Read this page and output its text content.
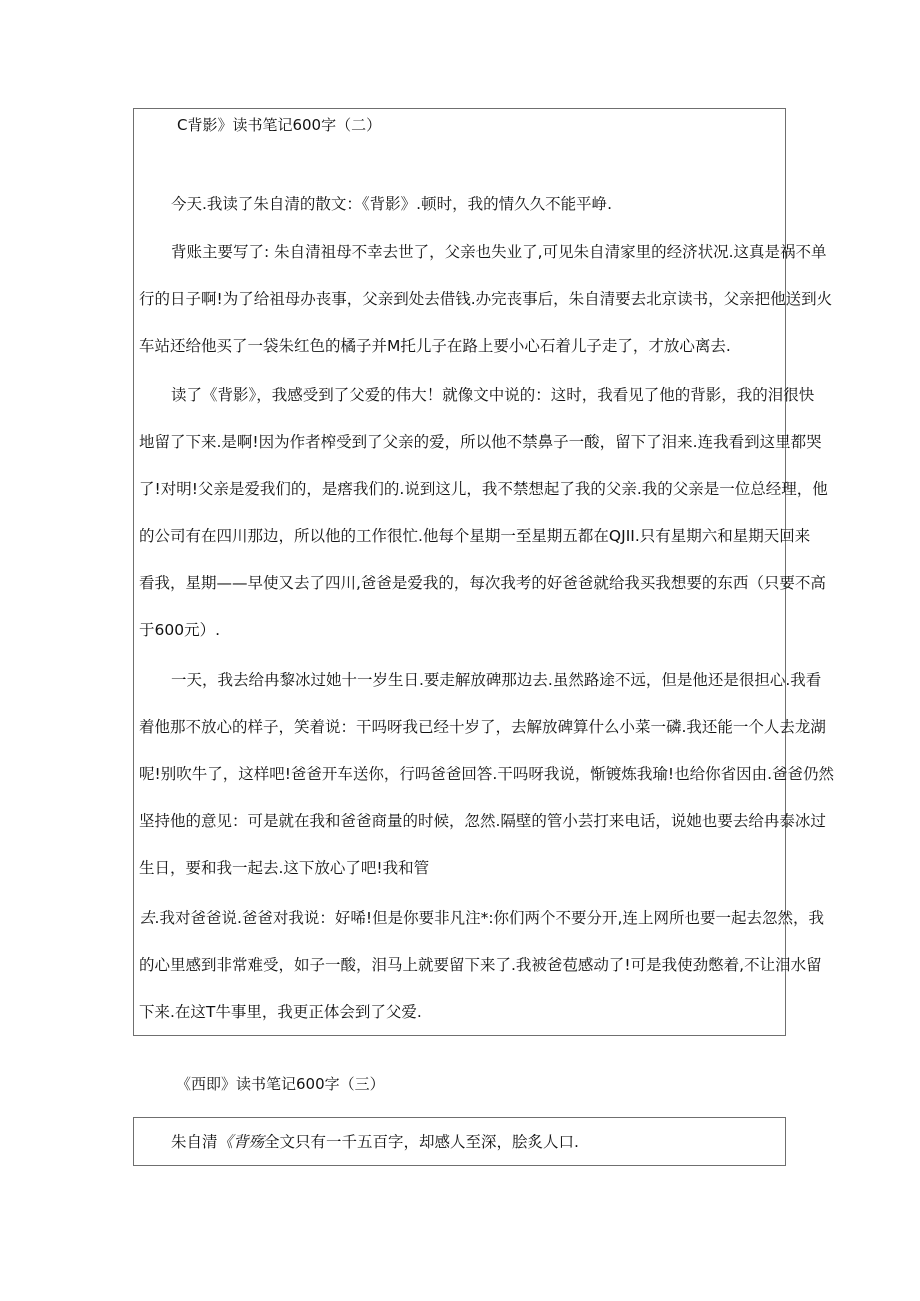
C背影》读书笔记600字（二）
今天.我读了朱自清的散文：《背影》.顿时，我的情久久不能平峥.
背账主要写了: 朱自清祖母不幸去世了，父亲也失业了,可见朱自清家里的经济状况.这真是祸不单
行的日子啊!为了给祖母办丧事，父亲到处去借钱.办完丧事后，朱自清要去北京读书，父亲把他送到火
车站还给他买了一袋朱红色的橘子并M托儿子在路上要小心石着儿子走了，才放心离去.
读了《背影》，我感受到了父爱的伟大！就像文中说的：这时，我看见了他的背影，我的泪很快
地留了下来.是啊!因为作者榨受到了父亲的爱，所以他不禁鼻子一酸，留下了泪来.连我看到这里都哭
了!对明!父亲是爱我们的，是瘩我们的.说到这儿，我不禁想起了我的父亲.我的父亲是一位总经理，他
的公司有在四川那边，所以他的工作很忙.他每个星期一至星期五都在QJII.只有星期六和星期天回来
看我，星期——早使又去了四川,爸爸是爱我的，每次我考的好爸爸就给我买我想要的东西（只要不高
于600元）.
一天，我去给冉黎冰过她十一岁生日.要走解放碑那边去.虽然路途不远，但是他还是很担心.我看
着他那不放心的样子，笑着说：干吗呀我已经十岁了，去解放碑算什么小菜一磷.我还能一个人去龙湖
呢!别吹牛了，这样吧!爸爸开车送你，行吗爸爸回答.干吗呀我说，惭镀炼我瑜!也给你省因由.爸爸仍然
坚持他的意见：可是就在我和爸爸商量的时候，忽然.隔壁的管小芸打来电话，说她也要去给冉泰冰过
生日，要和我一起去.这下放心了吧!我和管
去.我对爸爸说.爸爸对我说：好唏!但是你要非凡注*:你们两个不要分开,连上网所也要一起去忽然，我
的心里感到非常难受，如子一酸，泪马上就要留下来了.我被爸苞感动了!可是我使劲憋着,不让泪水留
下来.在这T牛事里，我更正体会到了父爱.
《西即》读书笔记600字（三）
朱自清《背殇全文只有一千五百字，却感人至深，脍炙人口.
